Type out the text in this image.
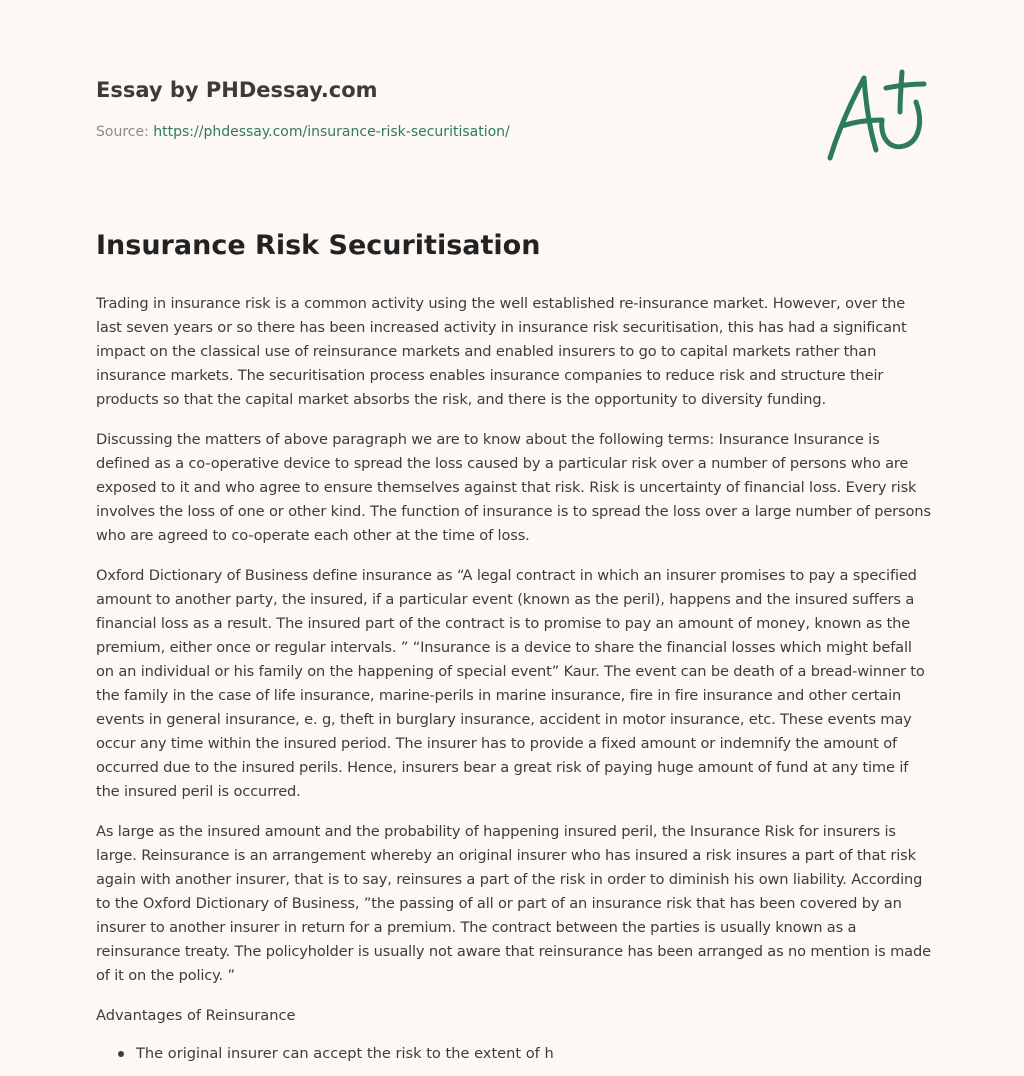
Essay by PHDessay.com
Source: https://phdessay.com/insurance-risk-securitisation/
Insurance Risk Securitisation

Trading in insurance risk is a common activity using the well established re-insurance market. However, over the last seven years or so there has been increased activity in insurance risk securitisation, this has had a significant impact on the classical use of reinsurance markets and enabled insurers to go to capital markets rather than insurance markets. The securitisation process enables insurance companies to reduce risk and structure their products so that the capital market absorbs the risk, and there is the opportunity to diversity funding.

Discussing the matters of above paragraph we are to know about the following terms: Insurance Insurance is defined as a co-operative device to spread the loss caused by a particular risk over a number of persons who are exposed to it and who agree to ensure themselves against that risk. Risk is uncertainty of financial loss. Every risk involves the loss of one or other kind. The function of insurance is to spread the loss over a large number of persons who are agreed to co-operate each other at the time of loss.

Oxford Dictionary of Business define insurance as “A legal contract in which an insurer promises to pay a specified amount to another party, the insured, if a particular event (known as the peril), happens and the insured suffers a financial loss as a result. The insured part of the contract is to promise to pay an amount of money, known as the premium, either once or regular intervals. ” “Insurance is a device to share the financial losses which might befall on an individual or his family on the happening of special event” Kaur. The event can be death of a bread-winner to the family in the case of life insurance, marine-perils in marine insurance, fire in fire insurance and other certain events in general insurance, e. g, theft in burglary insurance, accident in motor insurance, etc. These events may occur any time within the insured period. The insurer has to provide a fixed amount or indemnify the amount of occurred due to the insured perils. Hence, insurers bear a great risk of paying huge amount of fund at any time if the insured peril is occurred.

As large as the insured amount and the probability of happening insured peril, the Insurance Risk for insurers is large. Reinsurance is an arrangement whereby an original insurer who has insured a risk insures a part of that risk again with another insurer, that is to say, reinsures a part of the risk in order to diminish his own liability. According to the Oxford Dictionary of Business, ”the passing of all or part of an insurance risk that has been covered by an insurer to another insurer in return for a premium. The contract between the parties is usually known as a reinsurance treaty. The policyholder is usually not aware that reinsurance has been arranged as no mention is made of it on the policy. ”

Advantages of Reinsurance
The original insurer can accept the risk to the extent of h
